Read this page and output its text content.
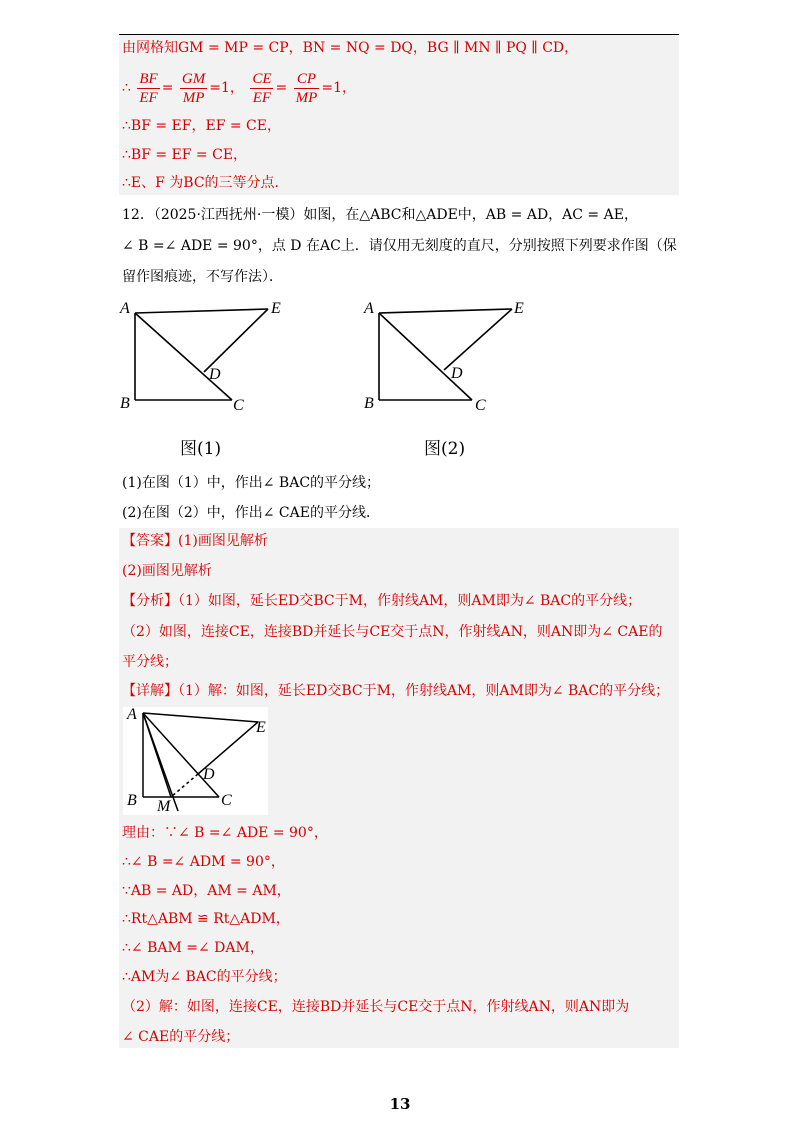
由网格知GM = MP = CP，BN = NQ = DQ，BG ∥ MN ∥ PQ ∥ CD，
∴ $\frac{BF}{EF} = \frac{GM}{MP} =1$， $\frac{CE}{EF} = \frac{CP}{MP} =1$，
∴BF = EF，EF = CE，
∴BF = EF = CE，
∴E、F 为BC的三等分点．
12．（2025·江西抚州·一模）如图，在△ABC和△ADE中，AB = AD，AC = AE，
∠ B =∠ ADE = 90°，点 D 在AC上．请仅用无刻度的直尺，分别按照下列要求作图（保
留作图痕迹，不写作法）．
A
B	C
D
E
图(1)
A
B	C
D
E
图(2)
(1)在图（1）中，作出∠ BAC的平分线；
(2)在图（2）中，作出∠ CAE的平分线．
【答案】(1)画图见解析
(2)画图见解析
【分析】（1）如图，延长ED交BC于M，作射线AM，则AM即为∠ BAC的平分线；
（2）如图，连接CE，连接BD并延长与CE交于点N，作射线AN，则AN即为∠ CAE的
平分线；
【详解】（1）解：如图，延长ED交BC于M，作射线AM，则AM即为∠ BAC的平分线；
A
B	C
D
E
M
理由：∵∠ B =∠ ADE = 90°，
∴∠ B =∠ ADM = 90°，
∵AB = AD，AM = AM，
∴Rt△ABM ≌ Rt△ADM，
∴∠ BAM =∠ DAM，
∴AM为∠ BAC的平分线；
（2）解：如图，连接CE，连接BD并延长与CE交于点N，作射线AN，则AN即为
∠ CAE的平分线；
13
